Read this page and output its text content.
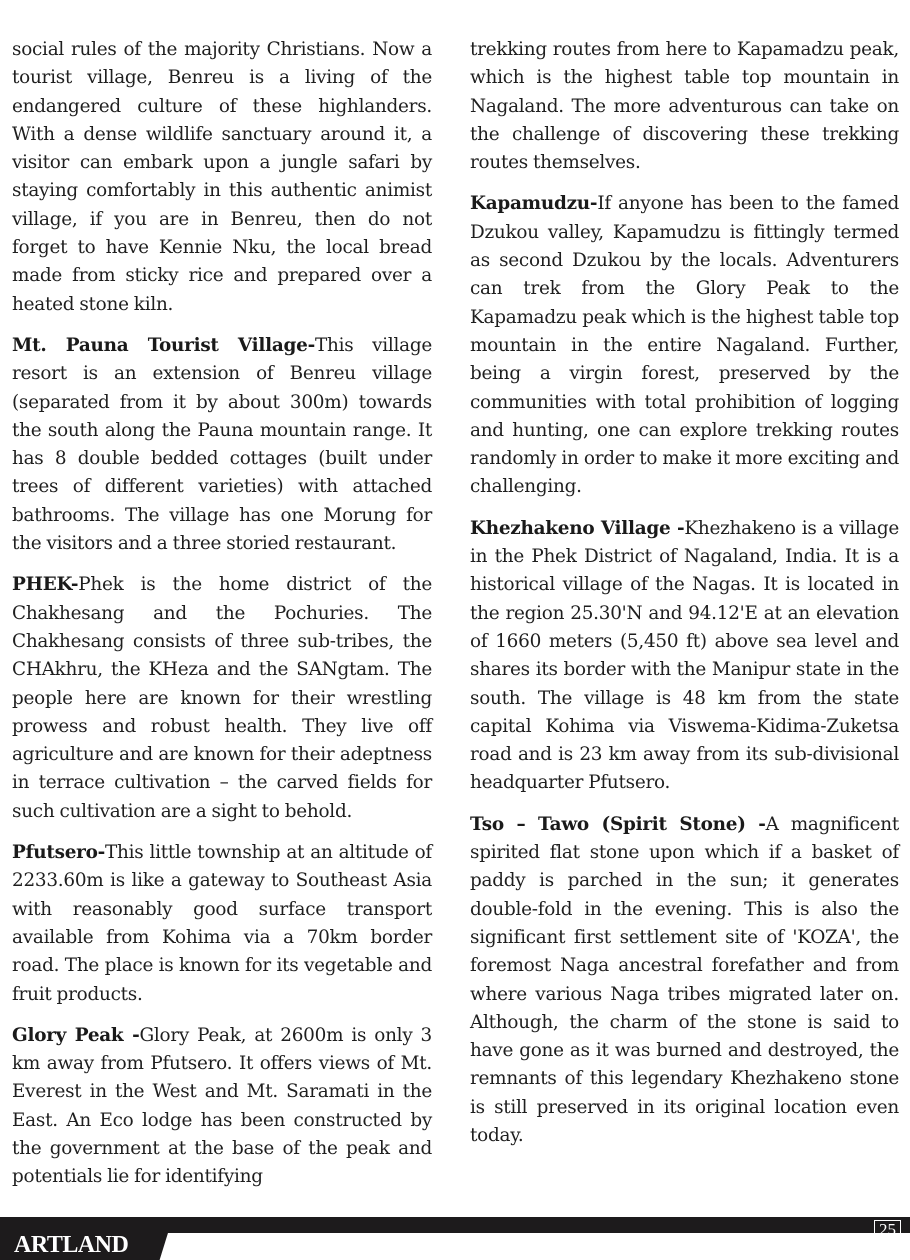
social rules of the majority Christians. Now a tourist village, Benreu is a living of the endangered culture of these highlanders. With a dense wildlife sanctuary around it, a visitor can embark upon a jungle safari by staying comfortably in this authentic animist village, if you are in Benreu, then do not forget to have Kennie Nku, the local bread made from sticky rice and prepared over a heated stone kiln.

Mt. Pauna Tourist Village-This village resort is an extension of Benreu village (separated from it by about 300m) towards the south along the Pauna mountain range. It has 8 double bedded cottages (built under trees of different varieties) with attached bathrooms. The village has one Morung for the visitors and a three storied restaurant.

PHEK-Phek is the home district of the Chakhesang and the Pochuries. The Chakhesang consists of three sub-tribes, the CHAkhru, the KHeza and the SANgtam. The people here are known for their wrestling prowess and robust health. They live off agriculture and are known for their adeptness in terrace cultivation – the carved fields for such cultivation are a sight to behold.

Pfutsero-This little township at an altitude of 2233.60m is like a gateway to Southeast Asia with reasonably good surface transport available from Kohima via a 70km border road. The place is known for its vegetable and fruit products.

Glory Peak -Glory Peak, at 2600m is only 3 km away from Pfutsero. It offers views of Mt. Everest in the West and Mt. Saramati in the East. An Eco lodge has been constructed by the government at the base of the peak and potentials lie for identifying

trekking routes from here to Kapamadzu peak, which is the highest table top mountain in Nagaland. The more adventurous can take on the challenge of discovering these trekking routes themselves.

Kapamudzu-If anyone has been to the famed Dzukou valley, Kapamudzu is fittingly termed as second Dzukou by the locals. Adventurers can trek from the Glory Peak to the Kapamadzu peak which is the highest table top mountain in the entire Nagaland. Further, being a virgin forest, preserved by the communities with total prohibition of logging and hunting, one can explore trekking routes randomly in order to make it more exciting and challenging.

Khezhakeno Village -Khezhakeno is a village in the Phek District of Nagaland, India. It is a historical village of the Nagas. It is located in the region 25.30'N and 94.12'E at an elevation of 1660 meters (5,450 ft) above sea level and shares its border with the Manipur state in the south. The village is 48 km from the state capital Kohima via Viswema-Kidima-Zuketsa road and is 23 km away from its sub-divisional headquarter Pfutsero.

Tso – Tawo (Spirit Stone) -A magnificent spirited flat stone upon which if a basket of paddy is parched in the sun; it generates double-fold in the evening. This is also the significant first settlement site of 'KOZA', the foremost Naga ancestral forefather and from where various Naga tribes migrated later on. Although, the charm of the stone is said to have gone as it was burned and destroyed, the remnants of this legendary Khezhakeno stone is still preserved in its original location even today.

ARTLAND
25
